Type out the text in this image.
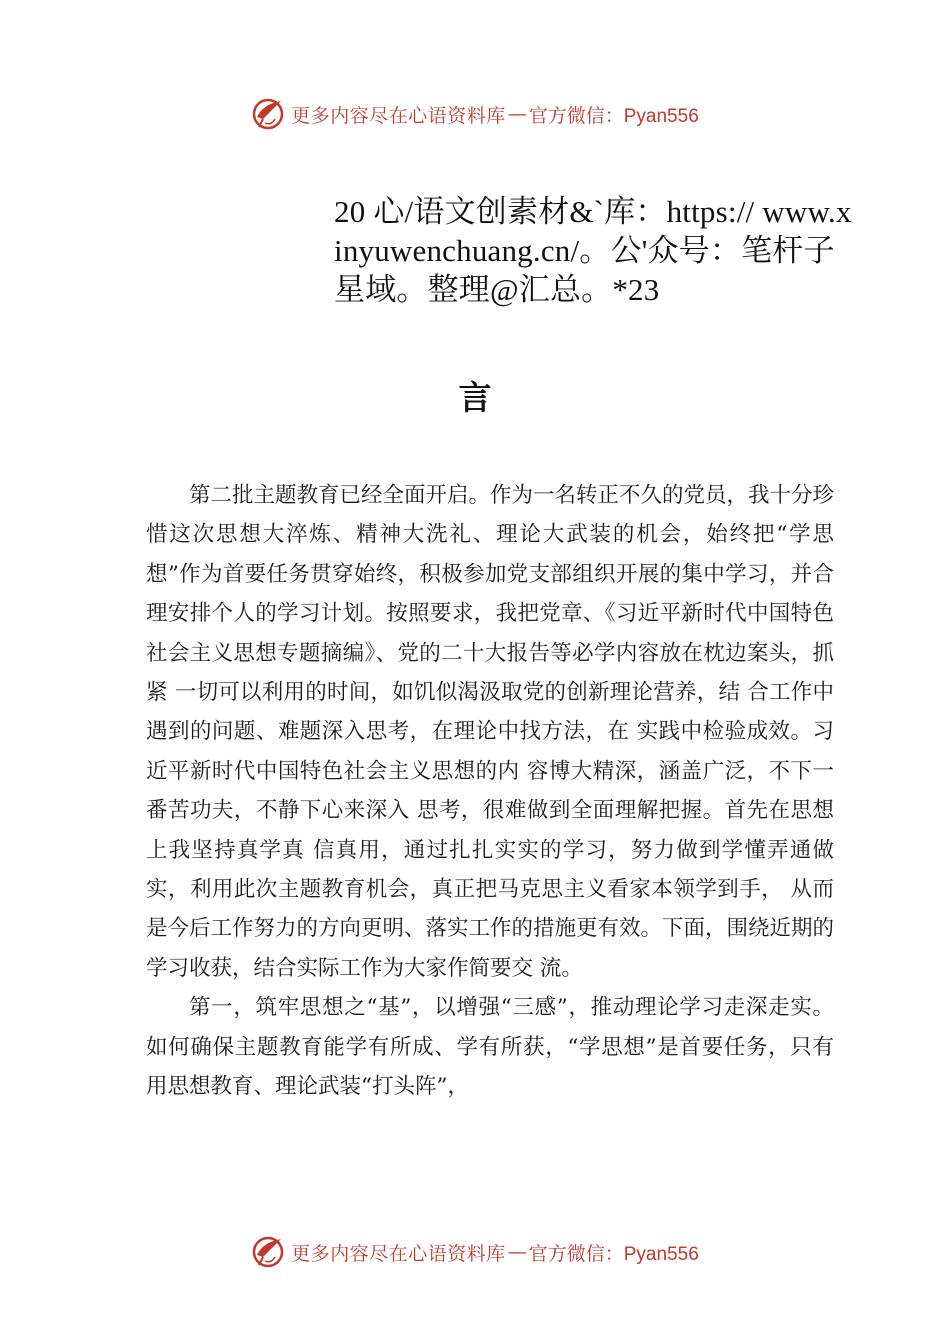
更多内容尽在心语资料库 — 官方微信：Pyan556
20 心/语文创素材&`库：https:// www.xinyuwenchuang.cn/。公'众号：笔杆子星域。整理@汇总。*23
言

第二批主题教育已经全面开启。作为一名转正不久的党员，我十分珍惜这次思想大淬炼、精神大洗礼、理论大武装的机会，始终把“学思想”作为首要任务贯穿始终，积极参加党支部组织开展的集中学习，并合理安排个人的学习计划。按照要求，我把党章、《习近平新时代中国特色社会主义思想专题摘编》、党的二十大报告等必学内容放在枕边案头，抓紧 一切可以利用的时间，如饥似渴汲取党的创新理论营养，结 合工作中遇到的问题、难题深入思考，在理论中找方法，在 实践中检验成效。习近平新时代中国特色社会主义思想的内 容博大精深，涵盖广泛，不下一番苦功夫，不静下心来深入 思考，很难做到全面理解把握。首先在思想上我坚持真学真 信真用，通过扎扎实实的学习，努力做到学懂弄通做实，利用此次主题教育机会，真正把马克思主义看家本领学到手， 从而是今后工作努力的方向更明、落实工作的措施更有效。下面，围绕近期的学习收获，结合实际工作为大家作简要交 流。

第一，筑牢思想之“基”，以增强“三感”，推动理论学习走深走实。如何确保主题教育能学有所成、学有所获，“学思想”是首要任务，只有用思想教育、理论武装“打头阵”，

更多内容尽在心语资料库 — 官方微信：Pyan556
